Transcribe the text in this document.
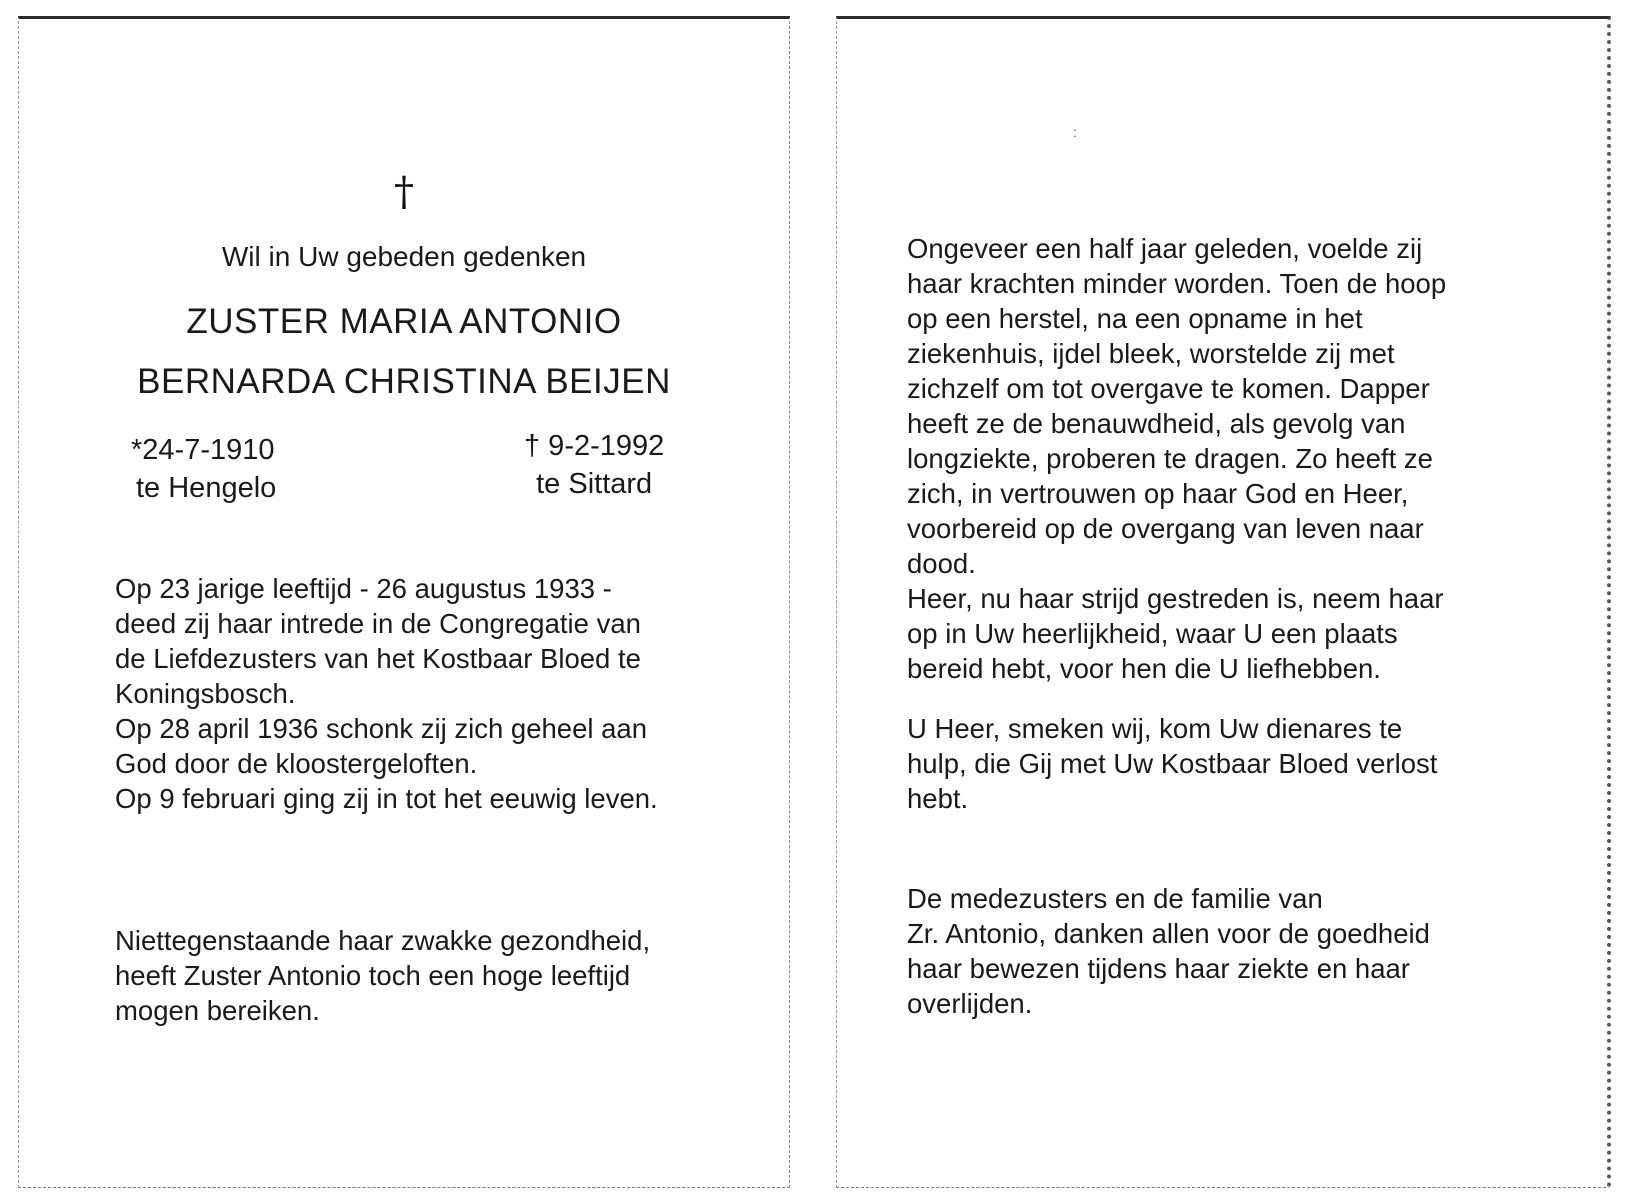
†
Wil in Uw gebeden gedenken
ZUSTER MARIA ANTONIO
BERNARDA CHRISTINA BEIJEN
*24-7-1910
te Hengelo
† 9-2-1992
te Sittard

Op 23 jarige leeftijd - 26 augustus 1933 -

deed zij haar intrede in de Congregatie van

de Liefdezusters van het Kostbaar Bloed te

Koningsbosch.

Op 28 april 1936 schonk zij zich geheel aan

God door de kloostergeloften.

Op 9 februari ging zij in tot het eeuwig leven.

Niettegenstaande haar zwakke gezondheid,

heeft Zuster Antonio toch een hoge leeftijd

mogen bereiken.

:

Ongeveer een half jaar geleden, voelde zij

haar krachten minder worden. Toen de hoop

op een herstel, na een opname in het

ziekenhuis, ijdel bleek, worstelde zij met

zichzelf om tot overgave te komen. Dapper

heeft ze de benauwdheid, als gevolg van

longziekte, proberen te dragen. Zo heeft ze

zich, in vertrouwen op haar God en Heer,

voorbereid op de overgang van leven naar

dood.

Heer, nu haar strijd gestreden is, neem haar

op in Uw heerlijkheid, waar U een plaats

bereid hebt, voor hen die U liefhebben.

U Heer, smeken wij, kom Uw dienares te

hulp, die Gij met Uw Kostbaar Bloed verlost

hebt.

De medezusters en de familie van

Zr. Antonio, danken allen voor de goedheid

haar bewezen tijdens haar ziekte en haar

overlijden.
